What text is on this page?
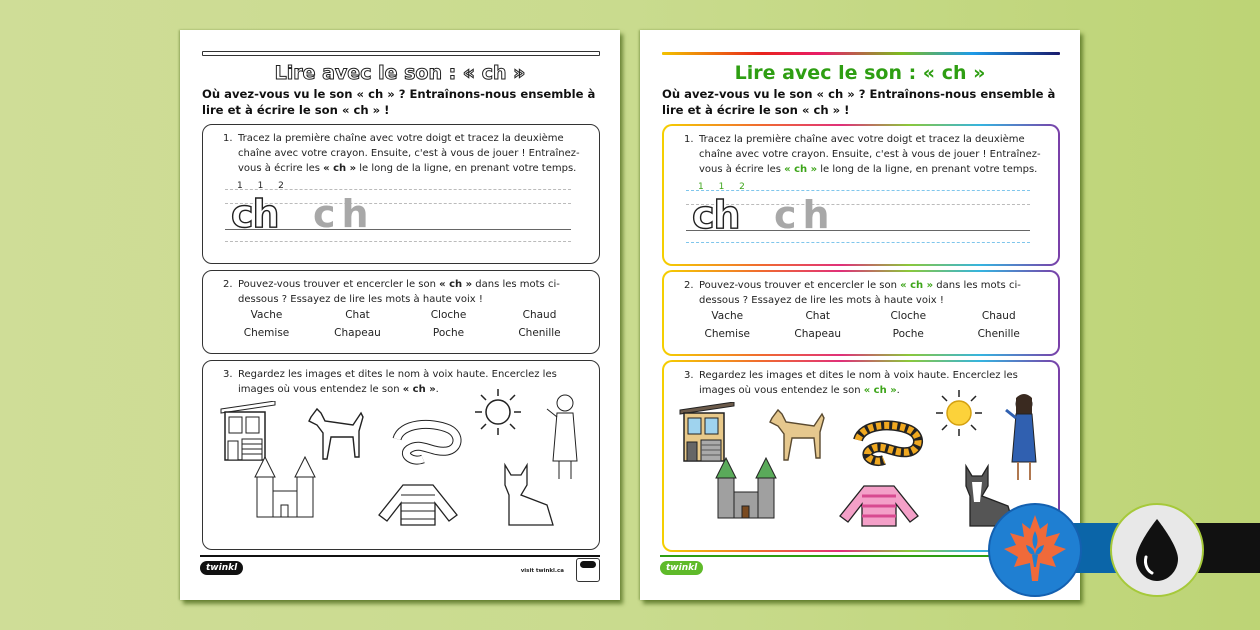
Lire avec le son : « ch »
Où avez-vous vu le son « ch » ? Entraînons-nous ensemble à lire et à écrire le son « ch » !
1. Tracez la première chaîne avec votre doigt et tracez la deuxième chaîne avec votre crayon. Ensuite, c'est à vous de jouer ! Entraînez-vous à écrire les « ch » le long de la ligne, en prenant votre temps.
1 1 2
ch ch
2. Pouvez-vous trouver et encercler le son « ch » dans les mots ci-dessous ? Essayez de lire les mots à haute voix !
Vache	Chat	Cloche	Chaud
Chemise	Chapeau	Poche	Chenille
3. Regardez les images et dites le nom à voix haute. Encerclez les images où vous entendez le son « ch ».
twinkl	visit twinkl.ca
Lire avec le son : « ch »
Où avez-vous vu le son « ch » ? Entraînons-nous ensemble à lire et à écrire le son « ch » !
1. Tracez la première chaîne avec votre doigt et tracez la deuxième chaîne avec votre crayon. Ensuite, c'est à vous de jouer ! Entraînez-vous à écrire les « ch » le long de la ligne, en prenant votre temps.
1 1 2
ch ch
2. Pouvez-vous trouver et encercler le son « ch » dans les mots ci-dessous ? Essayez de lire les mots à haute voix !
Vache	Chat	Cloche	Chaud
Chemise	Chapeau	Poche	Chenille
3. Regardez les images et dites le nom à voix haute. Encerclez les images où vous entendez le son « ch ».
twinkl
